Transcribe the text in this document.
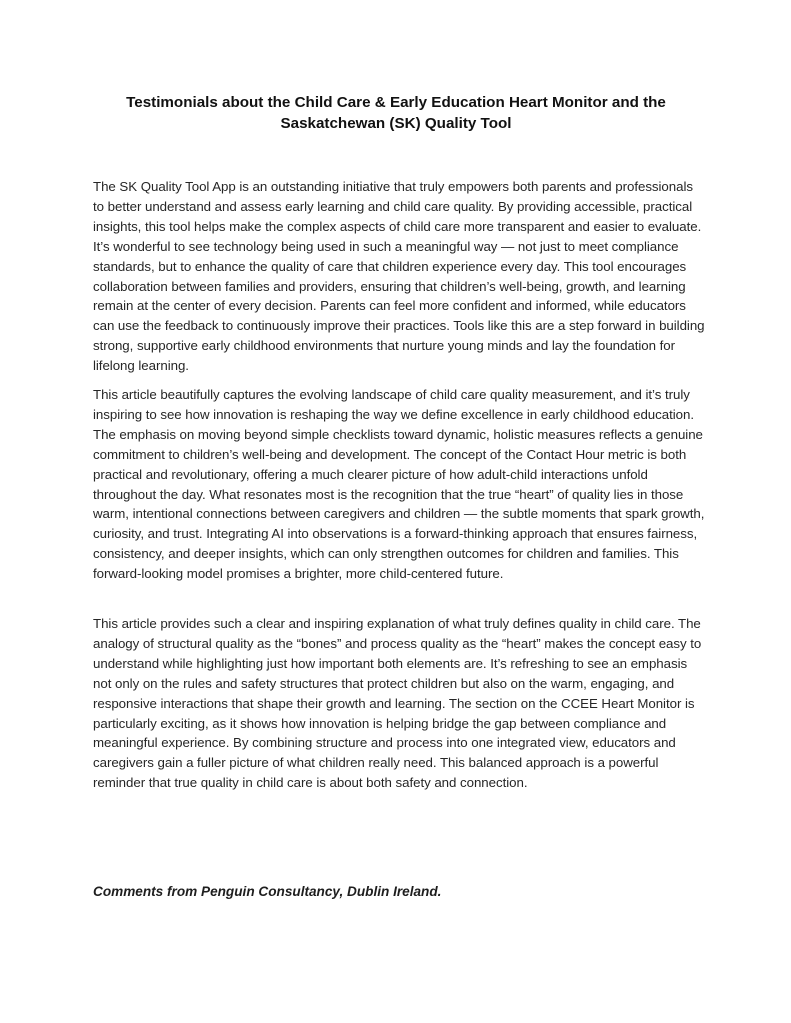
Testimonials about the Child Care & Early Education Heart Monitor and the
Saskatchewan (SK) Quality Tool

The SK Quality Tool App is an outstanding initiative that truly empowers both parents and professionals to better understand and assess early learning and child care quality. By providing accessible, practical insights, this tool helps make the complex aspects of child care more transparent and easier to evaluate. It’s wonderful to see technology being used in such a meaningful way — not just to meet compliance standards, but to enhance the quality of care that children experience every day. This tool encourages collaboration between families and providers, ensuring that children’s well-being, growth, and learning remain at the center of every decision. Parents can feel more confident and informed, while educators can use the feedback to continuously improve their practices. Tools like this are a step forward in building strong, supportive early childhood environments that nurture young minds and lay the foundation for lifelong learning.

This article beautifully captures the evolving landscape of child care quality measurement, and it’s truly inspiring to see how innovation is reshaping the way we define excellence in early childhood education. The emphasis on moving beyond simple checklists toward dynamic, holistic measures reflects a genuine commitment to children’s well-being and development. The concept of the Contact Hour metric is both practical and revolutionary, offering a much clearer picture of how adult-child interactions unfold throughout the day. What resonates most is the recognition that the true “heart” of quality lies in those warm, intentional connections between caregivers and children — the subtle moments that spark growth, curiosity, and trust. Integrating AI into observations is a forward-thinking approach that ensures fairness, consistency, and deeper insights, which can only strengthen outcomes for children and families. This forward-looking model promises a brighter, more child-centered future.

This article provides such a clear and inspiring explanation of what truly defines quality in child care. The analogy of structural quality as the “bones” and process quality as the “heart” makes the concept easy to understand while highlighting just how important both elements are. It’s refreshing to see an emphasis not only on the rules and safety structures that protect children but also on the warm, engaging, and responsive interactions that shape their growth and learning. The section on the CCEE Heart Monitor is particularly exciting, as it shows how innovation is helping bridge the gap between compliance and meaningful experience. By combining structure and process into one integrated view, educators and caregivers gain a fuller picture of what children really need. This balanced approach is a powerful reminder that true quality in child care is about both safety and connection.

Comments from Penguin Consultancy, Dublin Ireland.
